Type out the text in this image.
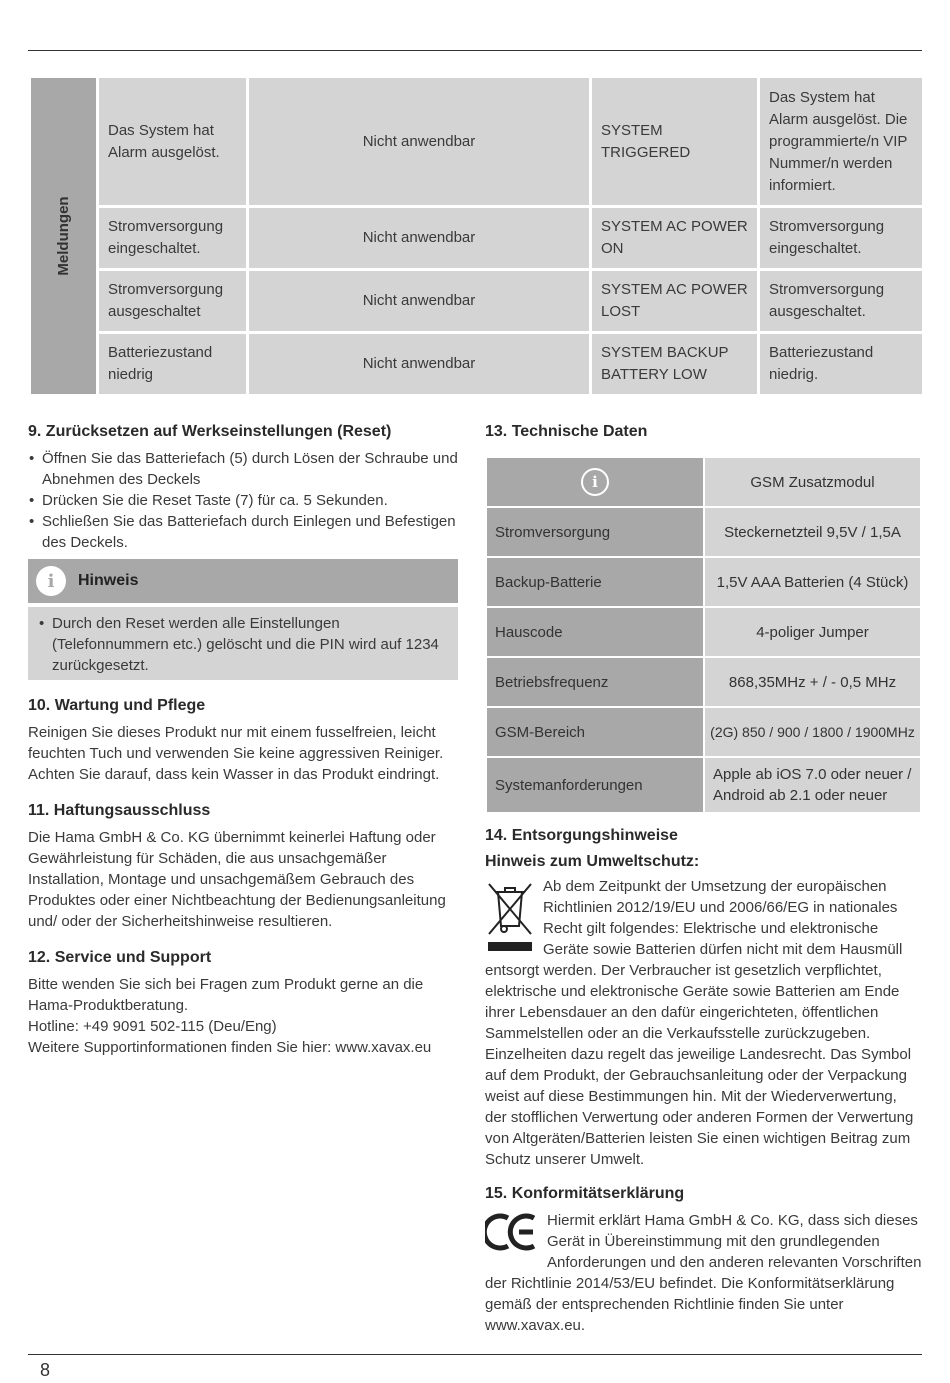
Meldungen	Das System hat Alarm ausgelöst.	Nicht anwendbar	SYSTEM TRIGGERED	Das System hat Alarm ausgelöst. Die programmierte/n VIP Nummer/n werden informiert.
	Stromversorgung eingeschaltet.	Nicht anwendbar	SYSTEM AC POWER ON	Stromversorgung eingeschaltet.
	Stromversorgung ausgeschaltet	Nicht anwendbar	SYSTEM AC POWER LOST	Stromversorgung ausgeschaltet.
	Batteriezustand niedrig	Nicht anwendbar	SYSTEM BACKUP BATTERY LOW	Batteriezustand niedrig.
9. Zurücksetzen auf Werkseinstellungen (Reset)
• Öffnen Sie das Batteriefach (5) durch Lösen der Schraube und Abnehmen des Deckels
• Drücken Sie die Reset Taste (7) für ca. 5 Sekunden.
• Schließen Sie das Batteriefach durch Einlegen und Befestigen des Deckels.
i	Hinweis
• Durch den Reset werden alle Einstellungen (Telefonnummern etc.) gelöscht und die PIN wird auf 1234 zurückgesetzt.
10. Wartung und Pflege

Reinigen Sie dieses Produkt nur mit einem fusselfreien, leicht feuchten Tuch und verwenden Sie keine aggressiven Reiniger. Achten Sie darauf, dass kein Wasser in das Produkt eindringt.

11. Haftungsausschluss

Die Hama GmbH & Co. KG übernimmt keinerlei Haftung oder Gewährleistung für Schäden, die aus unsachgemäßer Installation, Montage und unsachgemäßem Gebrauch des Produktes oder einer Nichtbeachtung der Bedienungsanleitung und/ oder der Sicherheitshinweise resultieren.

12. Service und Support

Bitte wenden Sie sich bei Fragen zum Produkt gerne an die Hama-Produktberatung.

Hotline: +49 9091 502-115 (Deu/Eng)

Weitere Supportinformationen finden Sie hier: www.xavax.eu

13. Technische Daten
i	GSM Zusatzmodul
Stromversorgung	Steckernetzteil 9,5V / 1,5A
Backup-Batterie	1,5V AAA Batterien (4 Stück)
Hauscode	4-poliger Jumper
Betriebsfrequenz	868,35MHz + / - 0,5 MHz
GSM-Bereich	(2G) 850 / 900 / 1800 / 1900MHz
Systemanforderungen	Apple ab iOS 7.0 oder neuer / Android ab 2.1 oder neuer
14. Entsorgungshinweise
Hinweis zum Umweltschutz:

Ab dem Zeitpunkt der Umsetzung der europäischen Richtlinien 2012/19/EU und 2006/66/EG in nationales Recht gilt folgendes: Elektrische und elektronische Geräte sowie Batterien dürfen nicht mit dem Hausmüll entsorgt werden. Der Verbraucher ist gesetzlich verpflichtet, elektrische und elektronische Geräte sowie Batterien am Ende ihrer Lebensdauer an den dafür eingerichteten, öffentlichen Sammelstellen oder an die Verkaufsstelle zurückzugeben. Einzelheiten dazu regelt das jeweilige Landesrecht. Das Symbol auf dem Produkt, der Gebrauchsanleitung oder der Verpackung weist auf diese Bestimmungen hin. Mit der Wiederverwertung, der stofflichen Verwertung oder anderen Formen der Verwertung von Altgeräten/Batterien leisten Sie einen wichtigen Beitrag zum Schutz unserer Umwelt.

15. Konformitätserklärung

Hiermit erklärt Hama GmbH & Co. KG, dass sich dieses Gerät in Übereinstimmung mit den grundlegenden Anforderungen und den anderen relevanten Vorschriften der Richtlinie 2014/53/EU befindet. Die Konformitätserklärung gemäß der entsprechenden Richtlinie finden Sie unter www.xavax.eu.

8
